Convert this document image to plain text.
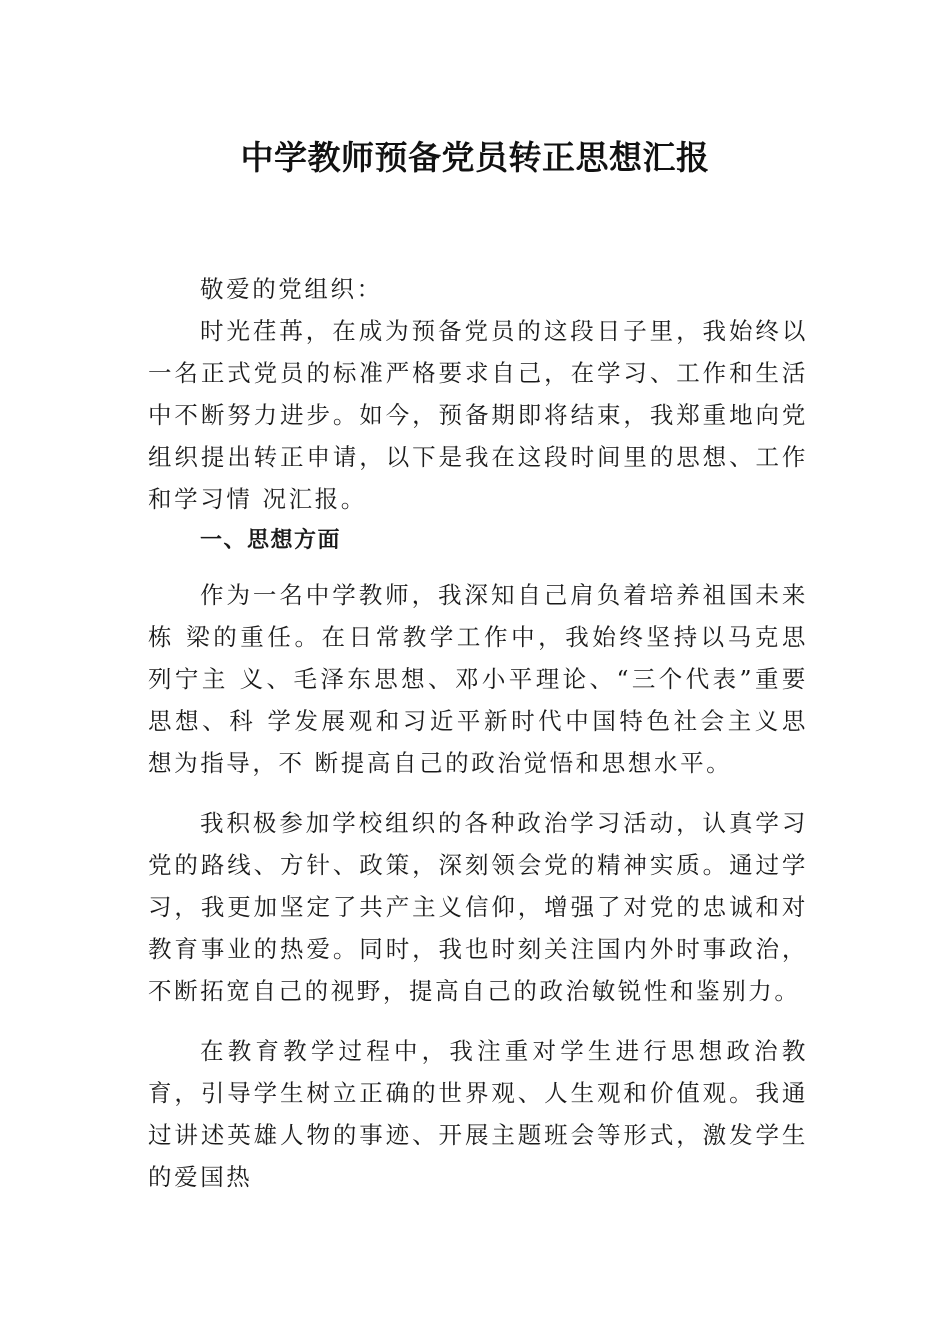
中学教师预备党员转正思想汇报

敬爱的党组织：

时光荏苒，在成为预备党员的这段日子里，我始终以一名正式党员的标准严格要求自己，在学习、工作和生活中不断努力进步。如今，预备期即将结束，我郑重地向党组织提出转正申请，以下是我在这段时间里的思想、工作和学习情 况汇报。

一、思想方面

作为一名中学教师，我深知自己肩负着培养祖国未来栋 梁的重任。在日常教学工作中，我始终坚持以马克思列宁主 义、毛泽东思想、邓小平理论、“三个代表”重要思想、科 学发展观和习近平新时代中国特色社会主义思想为指导，不 断提高自己的政治觉悟和思想水平。

我积极参加学校组织的各种政治学习活动，认真学习党的路线、方针、政策，深刻领会党的精神实质。通过学习，我更加坚定了共产主义信仰，增强了对党的忠诚和对教育事业的热爱。同时，我也时刻关注国内外时事政治，不断拓宽自己的视野，提高自己的政治敏锐性和鉴别力。

在教育教学过程中，我注重对学生进行思想政治教育，引导学生树立正确的世界观、人生观和价值观。我通过讲述英雄人物的事迹、开展主题班会等形式，激发学生的爱国热
